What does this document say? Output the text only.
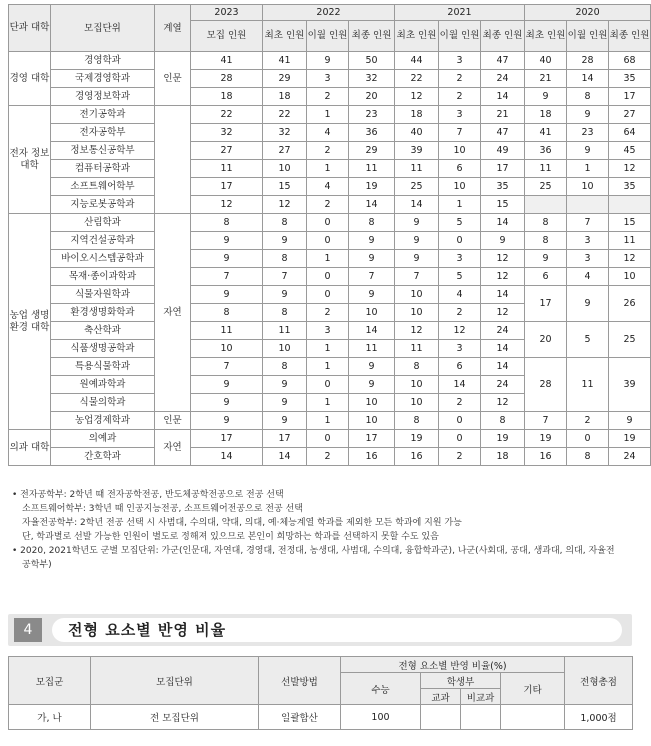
단과 대학	모집단위	계열	2023	2022			2021			2020		
			모집 인원	최초 인원	이월 인원	최종 인원	최초 인원	이월 인원	최종 인원	최초 인원	이월 인원	최종 인원
경영 대학	경영학과	인문	41	41	9	50	44	3	47	40	28	68
	국제경영학과		28	29	3	32	22	2	24	21	14	35
	경영정보학과		18	18	2	20	12	2	14	9	8	17
전자 정보 대학	전기공학과		22	22	1	23	18	3	21	18	9	27
	전자공학부		32	32	4	36	40	7	47	41	23	64
	정보통신공학부		27	27	2	29	39	10	49	36	9	45
	컴퓨터공학과		11	10	1	11	11	6	17	11	1	12
	소프트웨어학부		17	15	4	19	25	10	35	25	10	35
	지능로봇공학과		12	12	2	14	14	1	15			
농업 생명 환경 대학	산림학과	자연	8	8	0	8	9	5	14	8	7	15
	지역건설공학과		9	9	0	9	9	0	9	8	3	11
	바이오시스템공학과		9	8	1	9	9	3	12	9	3	12
	목재·종이과학과		7	7	0	7	7	5	12	6	4	10
	식물자원학과		9	9	0	9	10	4	14	17	9	26
	환경생명화학과		8	8	2	10	10	2	12			
	축산학과		11	11	3	14	12	12	24	20	5	25
	식품생명공학과		10	10	1	11	11	3	14			
	특용식물학과		7	8	1	9	8	6	14	28	11	39
	원예과학과		9	9	0	9	10	14	24			
	식물의학과		9	9	1	10	10	2	12			
	농업경제학과	인문	9	9	1	10	8	0	8	7	2	9
의과 대학	의예과	자연	17	17	0	17	19	0	19	19	0	19
	간호학과		14	14	2	16	16	2	18	16	8	24

• 전자공학부: 2학년 때 전자공학전공, 반도체공학전공으로 전공 선택

소프트웨어학부: 3학년 때 인공지능전공, 소프트웨어전공으로 전공 선택

자율전공학부: 2학년 전공 선택 시 사범대, 수의대, 약대, 의대, 예·체능계열 학과를 제외한 모든 학과에 지원 가능

단, 학과별로 선발 가능한 인원이 별도로 정해져 있으므로 본인이 희망하는 학과를 선택하지 못할 수도 있음

• 2020, 2021학년도 군별 모집단위: 가군(인문대, 자연대, 경영대, 전정대, 농생대, 사범대, 수의대, 융합학과군), 나군(사회대, 공대, 생과대, 의대, 자율전

공학부)

4	전형 요소별 반영 비율
모집군	모집단위	선발방법	전형 요소별 반영 비율(%)				전형총점
			수능	학생부		기타	
				교과	비교과		
가, 나	전 모집단위	일괄합산	100				1,000점
